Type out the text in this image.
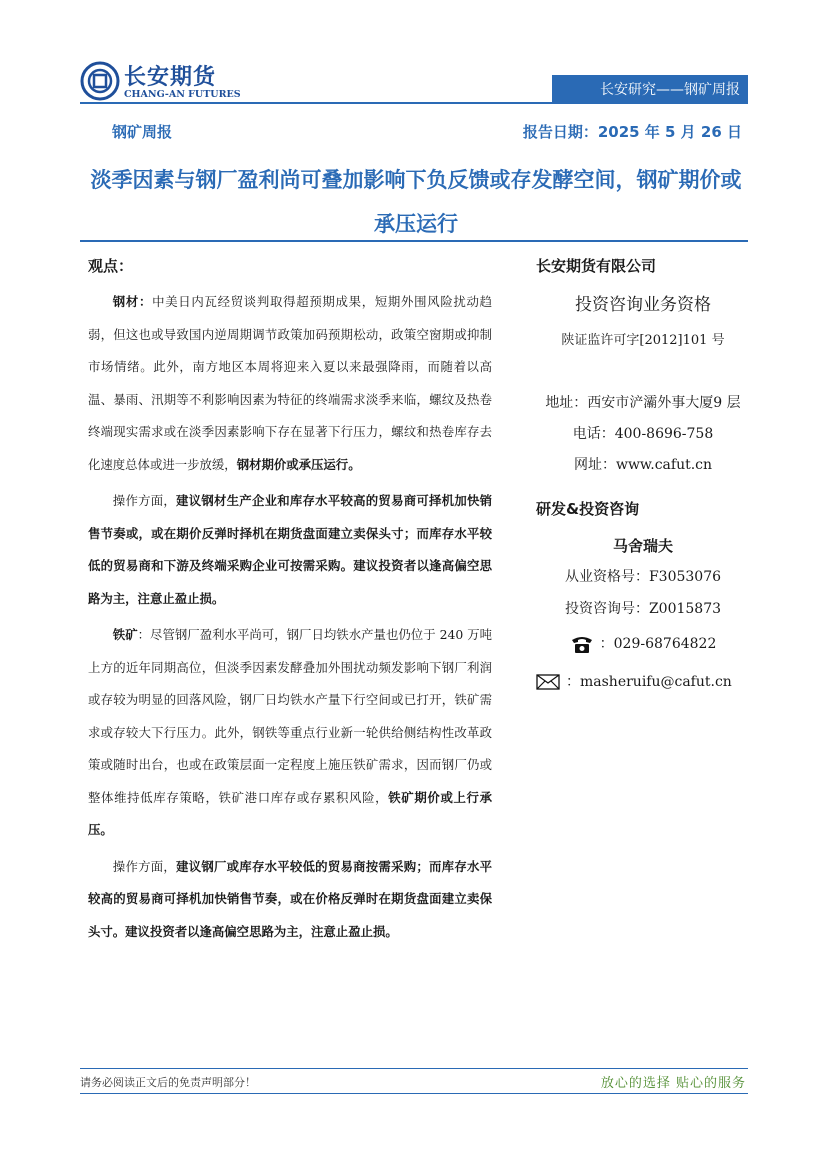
长安期货
CHANG-AN FUTURES	长安研究——钢矿周报
钢矿周报	报告日期：2025 年 5 月 26 日
淡季因素与钢厂盈利尚可叠加影响下负反馈或存发酵空间，钢矿期价或承压运行
观点：

钢材：中美日内瓦经贸谈判取得超预期成果，短期外围风险扰动趋弱，但这也或导致国内逆周期调节政策加码预期松动，政策空窗期或抑制市场情绪。此外，南方地区本周将迎来入夏以来最强降雨，而随着以高温、暴雨、汛期等不利影响因素为特征的终端需求淡季来临，螺纹及热卷终端现实需求或在淡季因素影响下存在显著下行压力，螺纹和热卷库存去化速度总体或进一步放缓，钢材期价或承压运行。

操作方面，建议钢材生产企业和库存水平较高的贸易商可择机加快销售节奏或，或在期价反弹时择机在期货盘面建立卖保头寸；而库存水平较低的贸易商和下游及终端采购企业可按需采购。建议投资者以逢高偏空思路为主，注意止盈止损。

铁矿：尽管钢厂盈利水平尚可，钢厂日均铁水产量也仍位于 240 万吨上方的近年同期高位，但淡季因素发酵叠加外围扰动频发影响下钢厂利润或存较为明显的回落风险，钢厂日均铁水产量下行空间或已打开，铁矿需求或存较大下行压力。此外，钢铁等重点行业新一轮供给侧结构性改革政策或随时出台，也或在政策层面一定程度上施压铁矿需求，因而钢厂仍或整体维持低库存策略，铁矿港口库存或存累积风险，铁矿期价或上行承压。

操作方面，建议钢厂或库存水平较低的贸易商按需采购；而库存水平较高的贸易商可择机加快销售节奏，或在价格反弹时在期货盘面建立卖保头寸。建议投资者以逢高偏空思路为主，注意止盈止损。

长安期货有限公司
投资咨询业务资格
陕证监许可字[2012]101 号
地址：西安市浐灞外事大厦9 层
电话：400-8696-758
网址：www.cafut.cn
研发&投资咨询
马舍瑞夫
从业资格号：F3053076
投资咨询号：Z0015873
：029-68764822
：masheruifu@cafut.cn
请务必阅读正文后的免责声明部分！	放心的选择 贴心的服务
